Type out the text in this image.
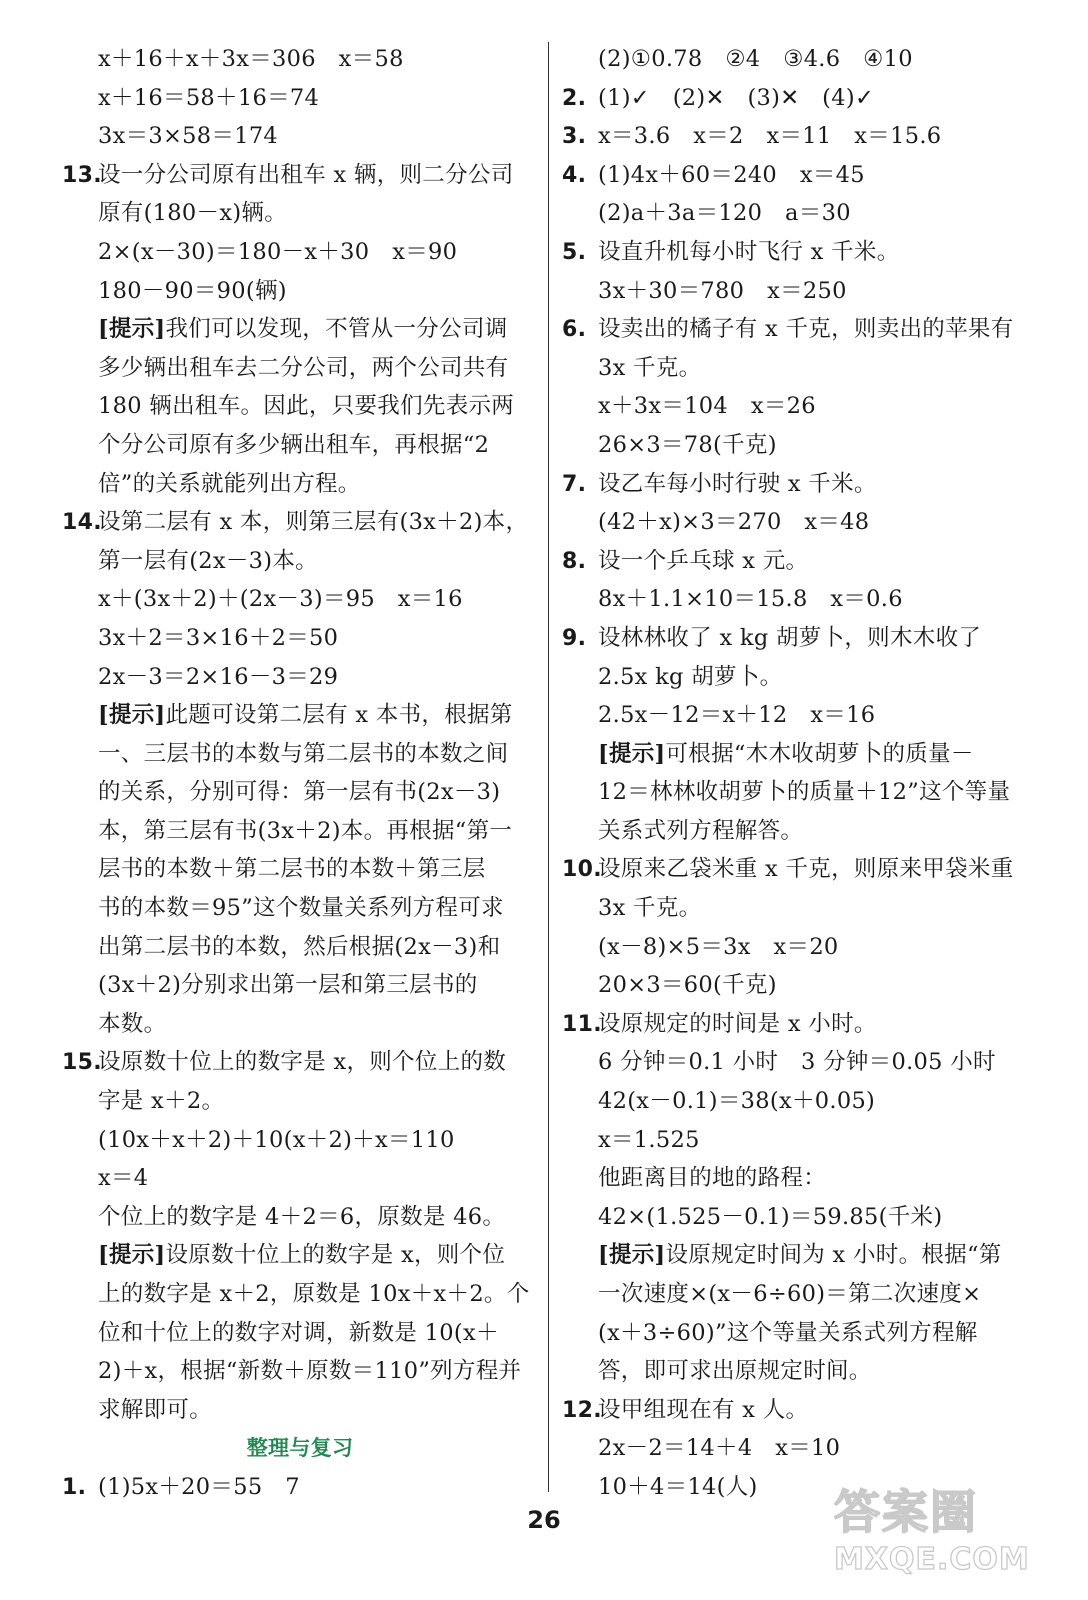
x＋16＋x＋3x＝306　x＝58
x＋16＝58＋16＝74
3x＝3×58＝174
13.设一分公司原有出租车 x 辆，则二分公司
原有(180－x)辆。
2×(x－30)＝180－x＋30　x＝90
180－90＝90(辆)
[提示]我们可以发现，不管从一分公司调
多少辆出租车去二分公司，两个公司共有
180 辆出租车。因此，只要我们先表示两
个分公司原有多少辆出租车，再根据“2
倍”的关系就能列出方程。
14.设第二层有 x 本，则第三层有(3x＋2)本，
第一层有(2x－3)本。
x＋(3x＋2)＋(2x－3)＝95　x＝16
3x＋2＝3×16＋2＝50
2x－3＝2×16－3＝29
[提示]此题可设第二层有 x 本书，根据第
一、三层书的本数与第二层书的本数之间
的关系，分别可得：第一层有书(2x－3)
本，第三层有书(3x＋2)本。再根据“第一
层书的本数＋第二层书的本数＋第三层
书的本数＝95”这个数量关系列方程可求
出第二层书的本数，然后根据(2x－3)和
(3x＋2)分别求出第一层和第三层书的
本数。
15.设原数十位上的数字是 x，则个位上的数
字是 x＋2。
(10x＋x＋2)＋10(x＋2)＋x＝110
x＝4
个位上的数字是 4＋2＝6，原数是 46。
[提示]设原数十位上的数字是 x，则个位
上的数字是 x＋2，原数是 10x＋x＋2。个
位和十位上的数字对调，新数是 10(x＋
2)＋x，根据“新数＋原数＝110”列方程并
求解即可。
整理与复习
1. (1)5x＋20＝55　7
(2)①0.78　②4　③4.6　④10
2. (1)✓　(2)✕　(3)✕　(4)✓
3. x＝3.6　x＝2　x＝11　x＝15.6
4. (1)4x＋60＝240　x＝45
(2)a＋3a＝120　a＝30
5. 设直升机每小时飞行 x 千米。
3x＋30＝780　x＝250
6. 设卖出的橘子有 x 千克，则卖出的苹果有
3x 千克。
x＋3x＝104　x＝26
26×3＝78(千克)
7. 设乙车每小时行驶 x 千米。
(42＋x)×3＝270　x＝48
8. 设一个乒乓球 x 元。
8x＋1.1×10＝15.8　x＝0.6
9. 设林林收了 x kg 胡萝卜，则木木收了
2.5x kg 胡萝卜。
2.5x－12＝x＋12　x＝16
[提示]可根据“木木收胡萝卜的质量－
12＝林林收胡萝卜的质量＋12”这个等量
关系式列方程解答。
10.设原来乙袋米重 x 千克，则原来甲袋米重
3x 千克。
(x－8)×5＝3x　x＝20
20×3＝60(千克)
11.设原规定的时间是 x 小时。
6 分钟＝0.1 小时　3 分钟＝0.05 小时
42(x－0.1)＝38(x＋0.05)
x＝1.525
他距离目的地的路程：
42×(1.525－0.1)＝59.85(千米)
[提示]设原规定时间为 x 小时。根据“第
一次速度×(x－6÷60)＝第二次速度×
(x＋3÷60)”这个等量关系式列方程解
答，即可求出原规定时间。
12.设甲组现在有 x 人。
2x－2＝14＋4　x＝10
10＋4＝14(人)
26	答案圈
MXQE.COM
